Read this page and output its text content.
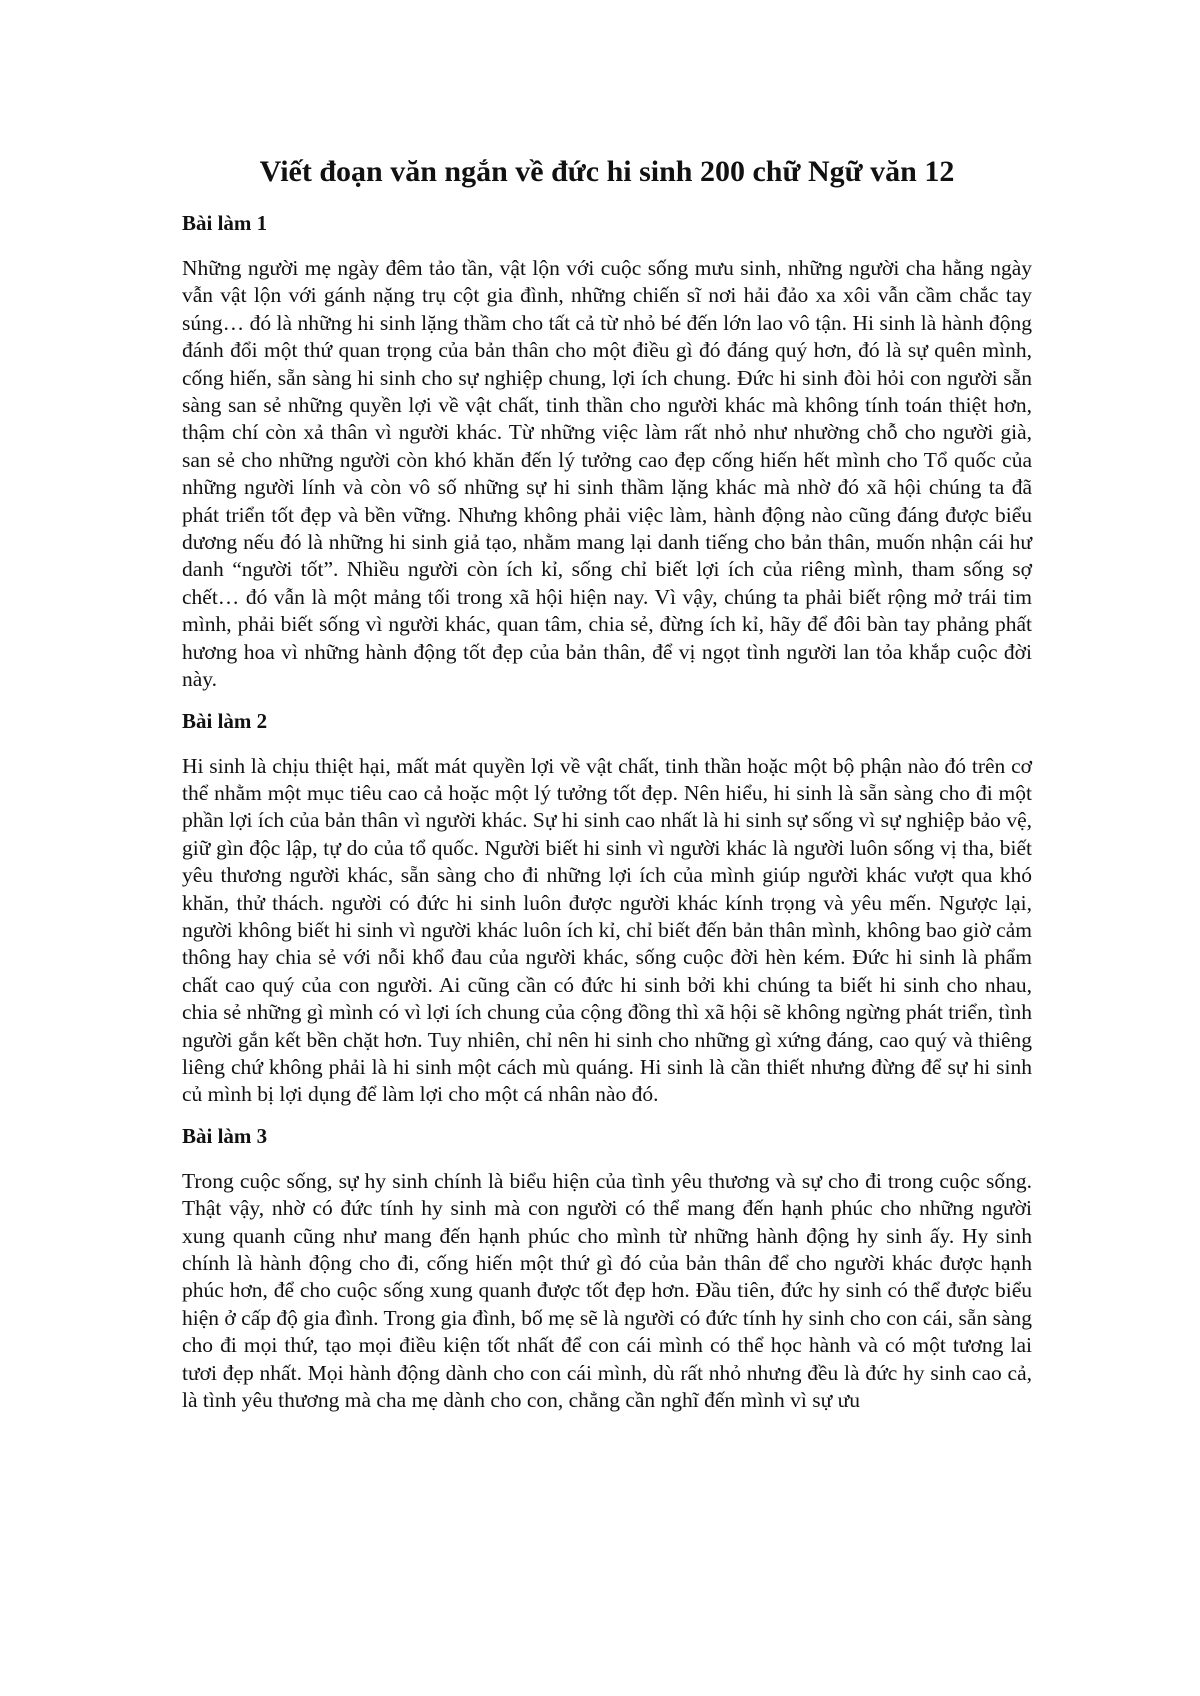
Viết đoạn văn ngắn về đức hi sinh 200 chữ Ngữ văn 12
Bài làm 1

Những người mẹ ngày đêm tảo tần, vật lộn với cuộc sống mưu sinh, những người cha hằng ngày vẫn vật lộn với gánh nặng trụ cột gia đình, những chiến sĩ nơi hải đảo xa xôi vẫn cầm chắc tay súng… đó là những hi sinh lặng thầm cho tất cả từ nhỏ bé đến lớn lao vô tận. Hi sinh là hành động đánh đổi một thứ quan trọng của bản thân cho một điều gì đó đáng quý hơn, đó là sự quên mình, cống hiến, sẵn sàng hi sinh cho sự nghiệp chung, lợi ích chung. Đức hi sinh đòi hỏi con người sẵn sàng san sẻ những quyền lợi về vật chất, tinh thần cho người khác mà không tính toán thiệt hơn, thậm chí còn xả thân vì người khác. Từ những việc làm rất nhỏ như nhường chỗ cho người già, san sẻ cho những người còn khó khăn đến lý tưởng cao đẹp cống hiến hết mình cho Tổ quốc của những người lính và còn vô số những sự hi sinh thầm lặng khác mà nhờ đó xã hội chúng ta đã phát triển tốt đẹp và bền vững. Nhưng không phải việc làm, hành động nào cũng đáng được biểu dương nếu đó là những hi sinh giả tạo, nhằm mang lại danh tiếng cho bản thân, muốn nhận cái hư danh “người tốt”. Nhiều người còn ích kỉ, sống chỉ biết lợi ích của riêng mình, tham sống sợ chết… đó vẫn là một mảng tối trong xã hội hiện nay. Vì vậy, chúng ta phải biết rộng mở trái tim mình, phải biết sống vì người khác, quan tâm, chia sẻ, đừng ích kỉ, hãy để đôi bàn tay phảng phất hương hoa vì những hành động tốt đẹp của bản thân, để vị ngọt tình người lan tỏa khắp cuộc đời này.

Bài làm 2

Hi sinh là chịu thiệt hại, mất mát quyền lợi về vật chất, tinh thần hoặc một bộ phận nào đó trên cơ thể nhằm một mục tiêu cao cả hoặc một lý tưởng tốt đẹp. Nên hiểu, hi sinh là sẵn sàng cho đi một phần lợi ích của bản thân vì người khác. Sự hi sinh cao nhất là hi sinh sự sống vì sự nghiệp bảo vệ, giữ gìn độc lập, tự do của tổ quốc. Người biết hi sinh vì người khác là người luôn sống vị tha, biết yêu thương người khác, sẵn sàng cho đi những lợi ích của mình giúp người khác vượt qua khó khăn, thử thách. người có đức hi sinh luôn được người khác kính trọng và yêu mến. Ngược lại, người không biết hi sinh vì người khác luôn ích kỉ, chỉ biết đến bản thân mình, không bao giờ cảm thông hay chia sẻ với nỗi khổ đau của người khác, sống cuộc đời hèn kém. Đức hi sinh là phẩm chất cao quý của con người. Ai cũng cần có đức hi sinh bởi khi chúng ta biết hi sinh cho nhau, chia sẻ những gì mình có vì lợi ích chung của cộng đồng thì xã hội sẽ không ngừng phát triển, tình người gắn kết bền chặt hơn. Tuy nhiên, chỉ nên hi sinh cho những gì xứng đáng, cao quý và thiêng liêng chứ không phải là hi sinh một cách mù quáng. Hi sinh là cần thiết nhưng đừng để sự hi sinh củ mình bị lợi dụng để làm lợi cho một cá nhân nào đó.

Bài làm 3

Trong cuộc sống, sự hy sinh chính là biểu hiện của tình yêu thương và sự cho đi trong cuộc sống. Thật vậy, nhờ có đức tính hy sinh mà con người có thể mang đến hạnh phúc cho những người xung quanh cũng như mang đến hạnh phúc cho mình từ những hành động hy sinh ấy. Hy sinh chính là hành động cho đi, cống hiến một thứ gì đó của bản thân để cho người khác được hạnh phúc hơn, để cho cuộc sống xung quanh được tốt đẹp hơn. Đầu tiên, đức hy sinh có thể được biểu hiện ở cấp độ gia đình. Trong gia đình, bố mẹ sẽ là người có đức tính hy sinh cho con cái, sẵn sàng cho đi mọi thứ, tạo mọi điều kiện tốt nhất để con cái mình có thể học hành và có một tương lai tươi đẹp nhất. Mọi hành động dành cho con cái mình, dù rất nhỏ nhưng đều là đức hy sinh cao cả, là tình yêu thương mà cha mẹ dành cho con, chẳng cần nghĩ đến mình vì sự ưu
